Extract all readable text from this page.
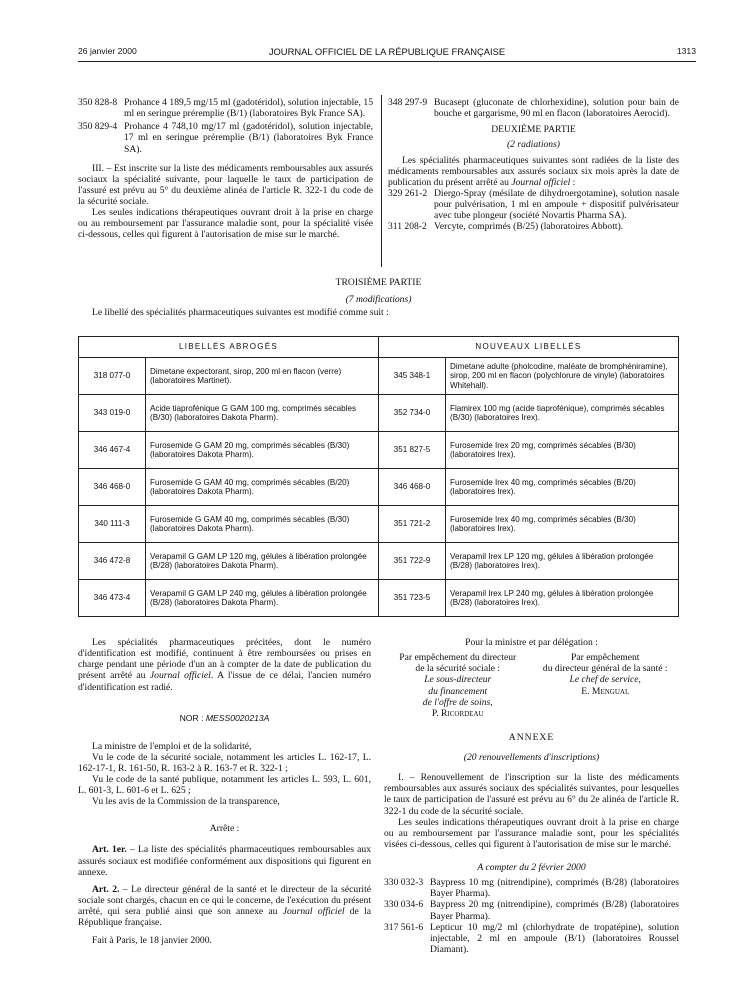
26 janvier 2000	JOURNAL OFFICIEL DE LA RÉPUBLIQUE FRANÇAISE	1313
350 828-8 Prohance 4 189,5 mg/15 ml (gadotéridol), solution injectable, 15 ml en seringue préremplie (B/1) (laboratoires Byk France SA).
350 829-4 Prohance 4 748,10 mg/17 ml (gadotéridol), solution injectable, 17 ml en seringue préremplie (B/1) (laboratoires Byk France SA).

III. – Est inscrite sur la liste des médicaments remboursables aux assurés sociaux la spécialité suivante, pour laquelle le taux de participation de l'assuré est prévu au 5° du deuxième alinéa de l'article R. 322-1 du code de la sécurité sociale.

Les seules indications thérapeutiques ouvrant droit à la prise en charge ou au remboursement par l'assurance maladie sont, pour la spécialité visée ci-dessous, celles qui figurent à l'autorisation de mise sur le marché.

348 297-9 Bucasept (gluconate de chlorhexidine), solution pour bain de bouche et gargarisme, 90 ml en flacon (laboratoires Aerocid).

DEUXIÈME PARTIE

(2 radiations)

Les spécialités pharmaceutiques suivantes sont radiées de la liste des médicaments remboursables aux assurés sociaux six mois après la date de publication du présent arrêté au Journal officiel :

329 261-2 Diergo-Spray (mésilate de dihydroergotamine), solution nasale pour pulvérisation, 1 ml en ampoule + dispositif pulvérisateur avec tube plongeur (société Novartis Pharma SA).
311 208-2 Vercyte, comprimés (B/25) (laboratoires Abbott).

TROISIÈME PARTIE

(7 modifications)

Le libellé des spécialités pharmaceutiques suivantes est modifié comme suit :

LIBELLÉS ABROGÉS		NOUVEAUX LIBELLÉS	
318 077-0	Dimetane expectorant, sirop, 200 ml en flacon (verre) (laboratoires Martinet).	345 348-1	Dimetane adulte (pholcodine, maléate de bromphéniramine), sirop, 200 ml en flacon (polychlorure de vinyle) (laboratoires Whitehall).
343 019-0	Acide tiaprofénique G GAM 100 mg, comprimés sécables (B/30) (laboratoires Dakota Pharm).	352 734-0	Flamirex 100 mg (acide tiaprofénique), comprimés sécables (B/30) (laboratoires Irex).
346 467-4	Furosemide G GAM 20 mg, comprimés sécables (B/30) (laboratoires Dakota Pharm).	351 827-5	Furosemide Irex 20 mg, comprimés sécables (B/30) (laboratoires Irex).
346 468-0	Furosemide G GAM 40 mg, comprimés sécables (B/20) (laboratoires Dakota Pharm).	346 468-0	Furosemide Irex 40 mg, comprimés sécables (B/20) (laboratoires Irex).
340 111-3	Furosemide G GAM 40 mg, comprimés sécables (B/30) (laboratoires Dakota Pharm).	351 721-2	Furosemide Irex 40 mg, comprimés sécables (B/30) (laboratoires Irex).
346 472-8	Verapamil G GAM LP 120 mg, gélules à libération prolongée (B/28) (laboratoires Dakota Pharm).	351 722-9	Verapamil Irex LP 120 mg, gélules à libération prolongée (B/28) (laboratoires Irex).
346 473-4	Verapamil G GAM LP 240 mg, gélules à libération prolongée (B/28) (laboratoires Dakota Pharm).	351 723-5	Verapamil Irex LP 240 mg, gélules à libération prolongée (B/28) (laboratoires Irex).

Les spécialités pharmaceutiques précitées, dont le numéro d'identification est modifié, continuent à être remboursées ou prises en charge pendant une période d'un an à compter de la date de publication du présent arrêté au Journal officiel. A l'issue de ce délai, l'ancien numéro d'identification est radié.

NOR : MESS0020213A

La ministre de l'emploi et de la solidarité,

Vu le code de la sécurité sociale, notamment les articles L. 162-17, L. 162-17-1, R. 161-50, R. 163-2 à R. 163-7 et R. 322-1 ;

Vu le code de la santé publique, notamment les articles L. 593, L. 601, L. 601-3, L. 601-6 et L. 625 ;

Vu les avis de la Commission de la transparence,

Arrête :

Art. 1er. – La liste des spécialités pharmaceutiques remboursables aux assurés sociaux est modifiée conformément aux dispositions qui figurent en annexe.

Art. 2. – Le directeur général de la santé et le directeur de la sécurité sociale sont chargés, chacun en ce qui le concerne, de l'exécution du présent arrêté, qui sera publié ainsi que son annexe au Journal officiel de la République française.

Fait à Paris, le 18 janvier 2000.

Pour la ministre et par délégation :

Par empêchement du directeur
de la sécurité sociale :
Le sous-directeur
du financement
de l'offre de soins,
P. Ricordeau
Par empêchement
du directeur général de la santé :
Le chef de service,
E. Mengual

ANNEXE

(20 renouvellements d'inscriptions)

I. – Renouvellement de l'inscription sur la liste des médicaments remboursables aux assurés sociaux des spécialités suivantes, pour lesquelles le taux de participation de l'assuré est prévu au 6° du 2e alinéa de l'article R. 322-1 du code de la sécurité sociale.

Les seules indications thérapeutiques ouvrant droit à la prise en charge ou au remboursement par l'assurance maladie sont, pour les spécialités visées ci-dessous, celles qui figurent à l'autorisation de mise sur le marché.

A compter du 2 février 2000

330 032-3 Baypress 10 mg (nitrendipine), comprimés (B/28) (laboratoires Bayer Pharma).
330 034-6 Baypress 20 mg (nitrendipine), comprimés (B/28) (laboratoires Bayer Pharma).
317 561-6 Lepticur 10 mg/2 ml (chlorhydrate de tropatépine), solution injectable, 2 ml en ampoule (B/1) (laboratoires Roussel Diamant).
